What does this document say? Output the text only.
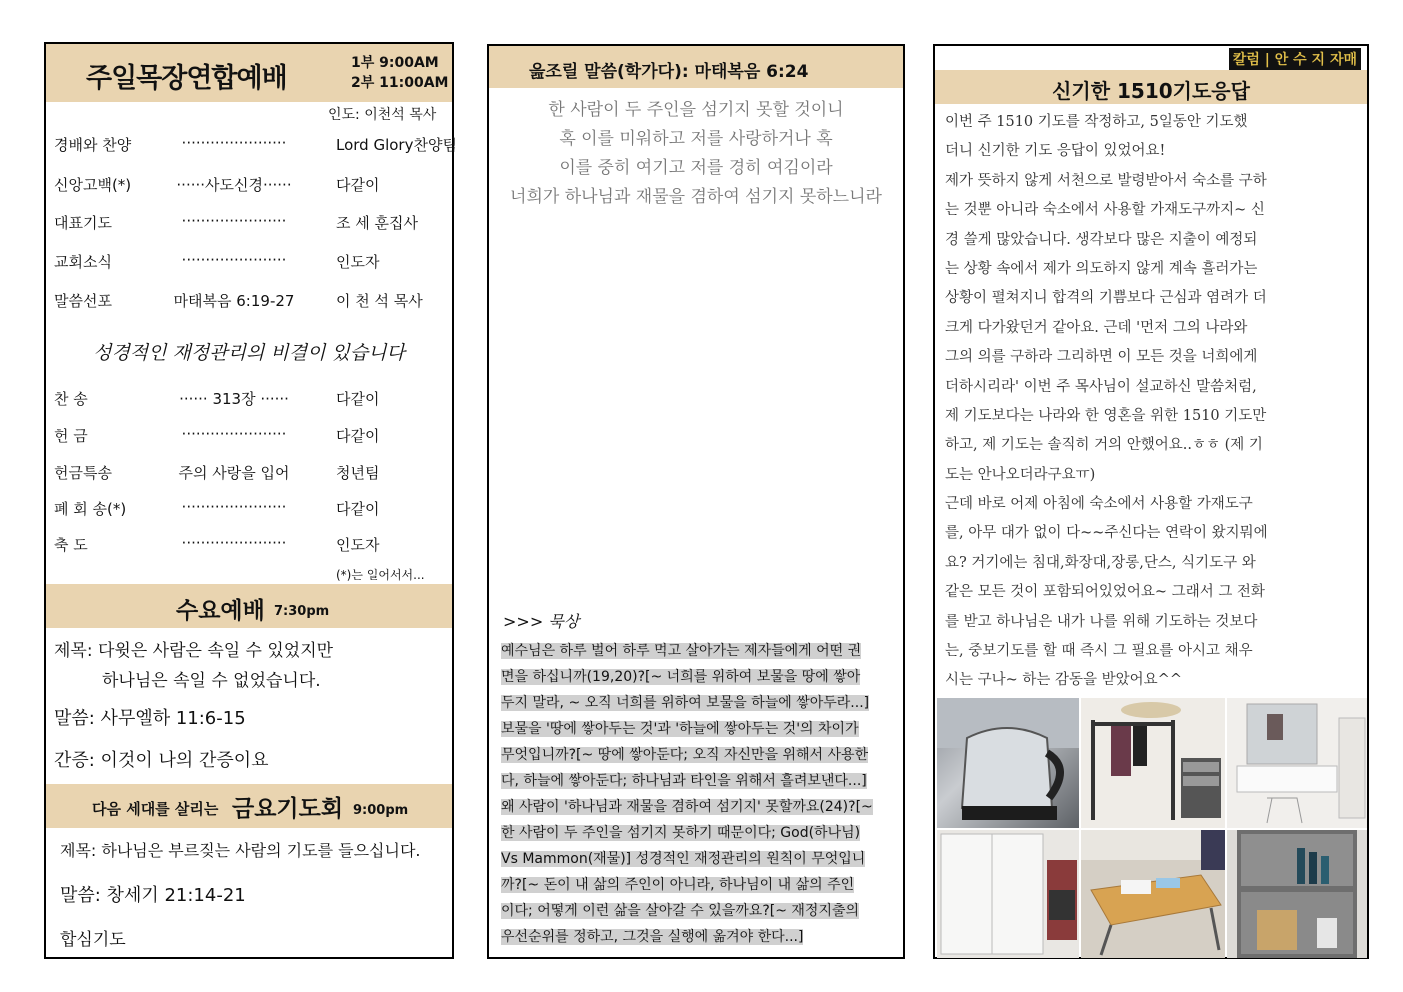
주일목장연합예배	1부 9:00AM
2부 11:00AM
인도: 이천석 목사
경배와 찬양	······················	Lord Glory찬양팀
신앙고백(*)	······사도신경······	다같이
대표기도	······················	조 세 훈집사
교회소식	······················	인도자
말씀선포	마태복음 6:19-27	이 천 석 목사
성경적인 재정관리의 비결이 있습니다
찬 송	······ 313장 ······	다같이
헌 금	······················	다같이
헌금특송	주의 사랑을 입어	청년팀
폐 회 송(*)	······················	다같이
축 도	······················	인도자
(*)는 일어서서...
수요예배 7:30pm
제목: 다윗은 사람은 속일 수 있었지만
하나님은 속일 수 없었습니다.
말씀: 사무엘하 11:6-15
간증: 이것이 나의 간증이요
다음 세대를 살리는 금요기도회 9:00pm
제목: 하나님은 부르짖는 사람의 기도를 들으십니다.
말씀: 창세기 21:14-21
합심기도
읊조릴 말씀(학가다): 마태복음 6:24
한 사람이 두 주인을 섬기지 못할 것이니
혹 이를 미워하고 저를 사랑하거나 혹
이를 중히 여기고 저를 경히 여김이라
너희가 하나님과 재물을 겸하여 섬기지 못하느니라
>>> 묵상
예수님은 하루 벌어 하루 먹고 살아가는 제자들에게 어떤 권
면을 하십니까(19,20)?[~ 너희를 위하여 보물을 땅에 쌓아
두지 말라, ~ 오직 너희를 위하여 보물을 하늘에 쌓아두라...]
보물을 '땅에 쌓아두는 것'과 '하늘에 쌓아두는 것'의 차이가
무엇입니까?[~ 땅에 쌓아둔다; 오직 자신만을 위해서 사용한
다, 하늘에 쌓아둔다; 하나님과 타인을 위해서 흘려보낸다...]
왜 사람이 '하나님과 재물을 겸하여 섬기지' 못할까요(24)?[~
한 사람이 두 주인을 섬기지 못하기 때문이다; God(하나님)
Vs Mammon(재물)] 성경적인 재정관리의 원칙이 무엇입니
까?[~ 돈이 내 삶의 주인이 아니라, 하나님이 내 삶의 주인
이다; 어떻게 이런 삶을 살아갈 수 있을까요?[~ 재정지출의
우선순위를 정하고, 그것을 실행에 옮겨야 한다...]
칼럼 | 안 수 지 자매
신기한 1510기도응답
이번 주 1510 기도를 작정하고, 5일동안 기도했
더니 신기한 기도 응답이 있었어요!
제가 뜻하지 않게 서천으로 발령받아서 숙소를 구하
는 것뿐 아니라 숙소에서 사용할 가재도구까지~ 신
경 쓸게 많았습니다. 생각보다 많은 지출이 예정되
는 상황 속에서 제가 의도하지 않게 계속 흘러가는
상황이 펼쳐지니 합격의 기쁨보다 근심과 염려가 더
크게 다가왔던거 같아요. 근데 '먼저 그의 나라와
그의 의를 구하라 그리하면 이 모든 것을 너희에게
더하시리라' 이번 주 목사님이 설교하신 말씀처럼,
제 기도보다는 나라와 한 영혼을 위한 1510 기도만
하고, 제 기도는 솔직히 거의 안했어요..ㅎㅎ (제 기
도는 안나오더라구요ㅠ)
근데 바로 어제 아침에 숙소에서 사용할 가재도구
를, 아무 대가 없이 다~~주신다는 연락이 왔지뭐에
요? 거기에는 침대,화장대,장롱,단스, 식기도구 와
같은 모든 것이 포함되어있었어요~ 그래서 그 전화
를 받고 하나님은 내가 나를 위해 기도하는 것보다
는, 중보기도를 할 때 즉시 그 필요를 아시고 채우
시는 구나~ 하는 감동을 받았어요^^
